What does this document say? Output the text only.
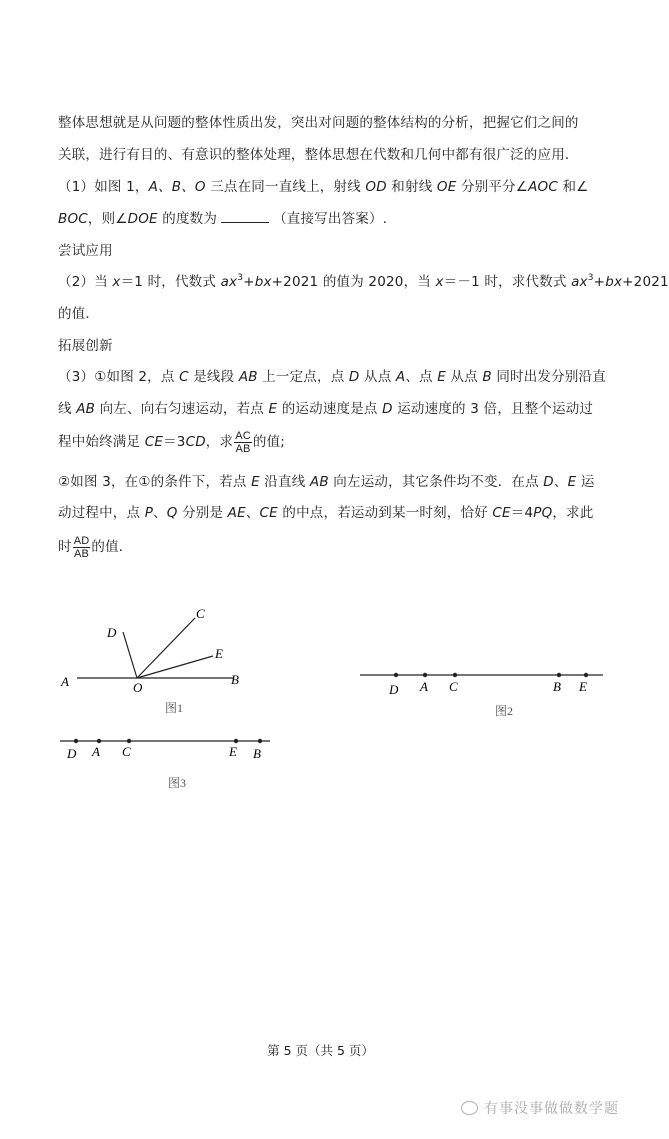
整体思想就是从问题的整体性质出发，突出对问题的整体结构的分析，把握它们之间的
关联，进行有目的、有意识的整体处理，整体思想在代数和几何中都有很广泛的应用．
（1）如图 1，A、B、O 三点在同一直线上，射线 OD 和射线 OE 分别平分∠AOC 和∠
BOC，则∠DOE 的度数为	（直接写出答案）.
尝试应用
（2）当 x＝1 时，代数式 $ax^3+bx+2021$ 的值为 2020，当 x＝－1 时，求代数式 $ax^3+bx+2021$
的值．
拓展创新
（3）①如图 2，点 C 是线段 AB 上一定点，点 D 从点 A、点 E 从点 B 同时出发分别沿直
线 AB 向左、向右匀速运动，若点 E 的运动速度是点 D 运动速度的 3 倍，且整个运动过
程中始终满足 CE＝3CD，求 $\frac{AC}{AB}$ 的值;
②如图 3，在①的条件下，若点 E 沿直线 AB 向左运动，其它条件均不变．在点 D、E 运
动过程中，点 P、Q 分别是 AE、CE 的中点，若运动到某一时刻，恰好 CE＝4PQ，求此
时 $\frac{AD}{AB}$ 的值．
A	B
O
C
D
E
图1
D A C	B E
图2
D A C	E B
图3
第 5 页（共 5 页）
有事没事做做数学题
